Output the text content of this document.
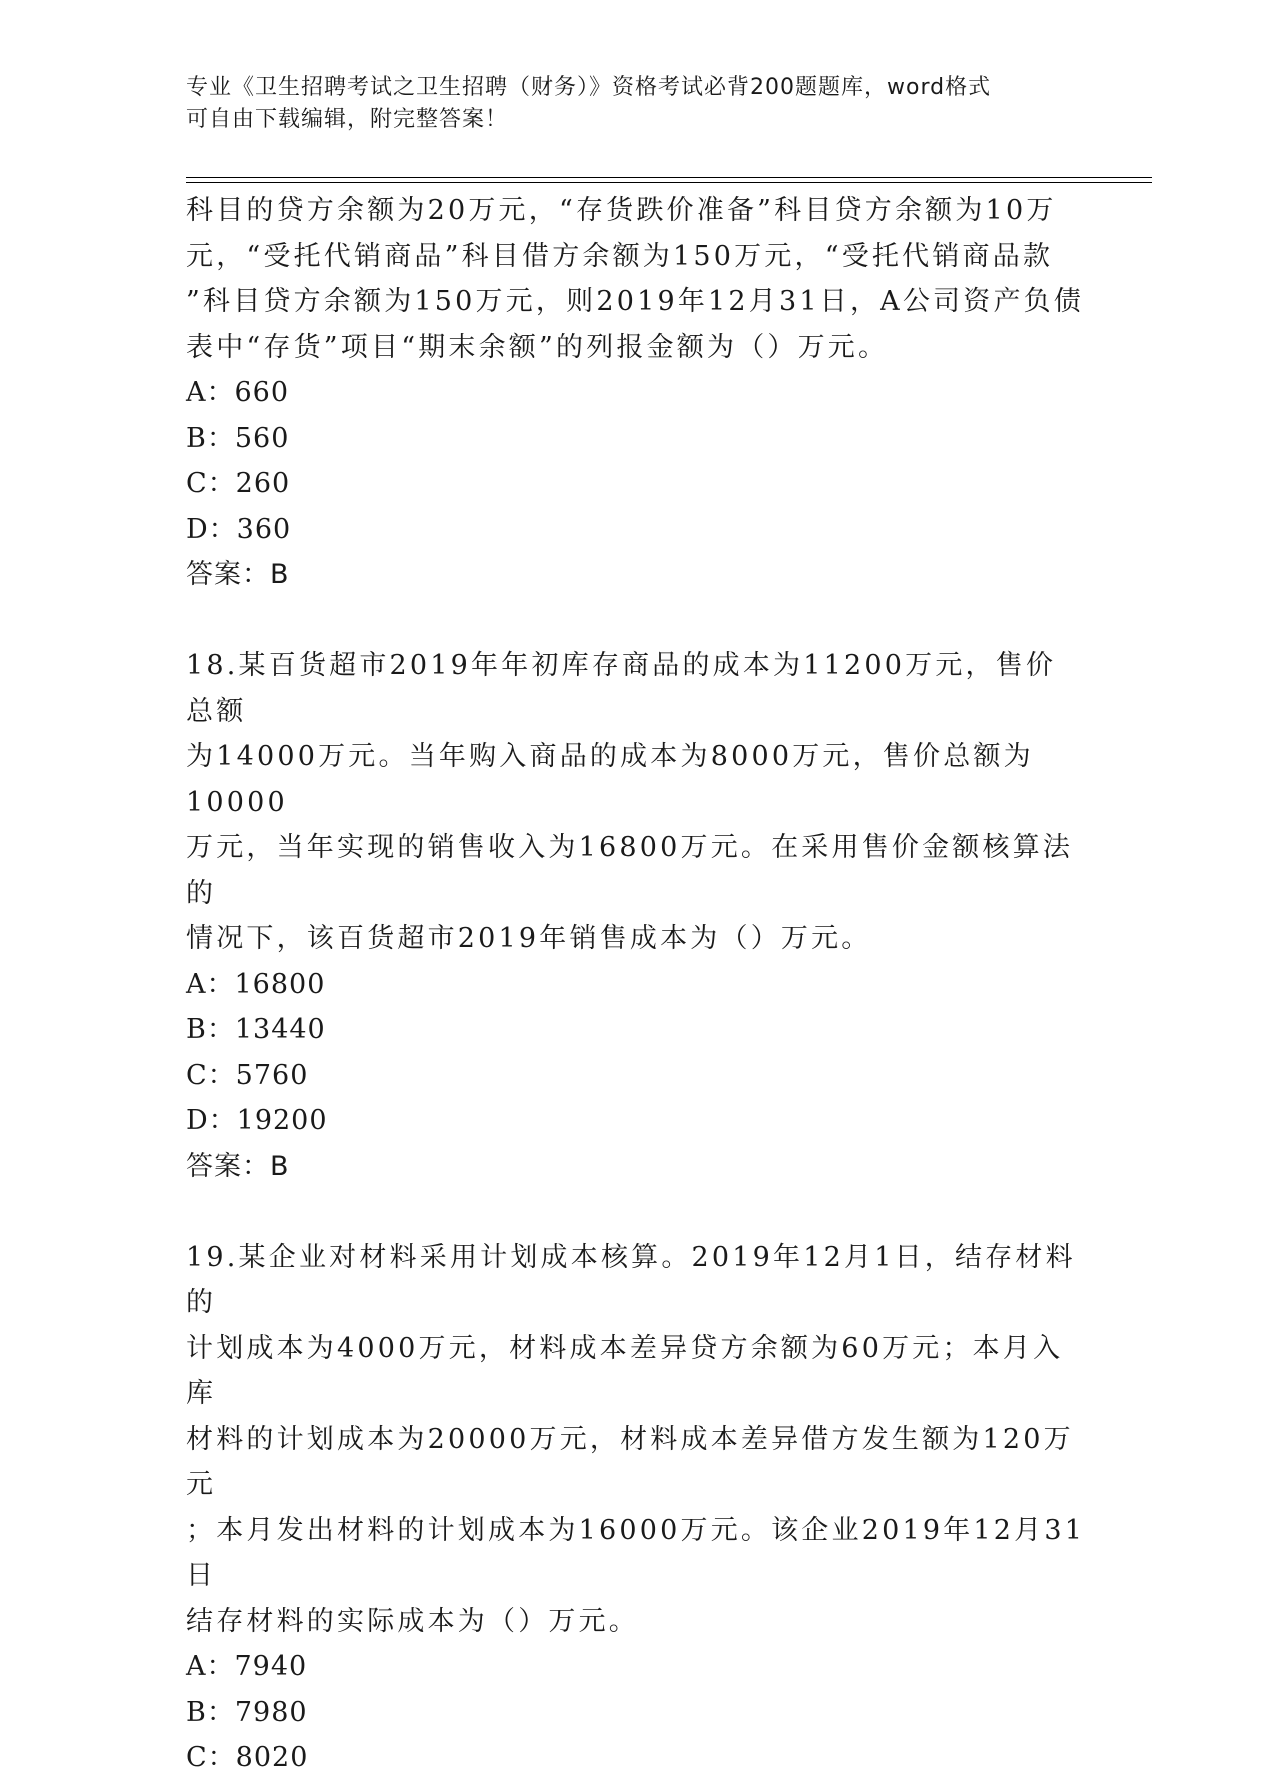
专业《卫生招聘考试之卫生招聘（财务）》资格考试必背200题题库，word格式
可自由下载编辑，附完整答案！

科目的贷方余额为20万元，“存货跌价准备”科目贷方余额为10万

元，“受托代销商品”科目借方余额为150万元，“受托代销商品款

”科目贷方余额为150万元，则2019年12月31日，A公司资产负债

表中“存货”项目“期末余额”的列报金额为（）万元。

A：660

B：560

C：260

D：360

答案：B

18.某百货超市2019年年初库存商品的成本为11200万元，售价总额

为14000万元。当年购入商品的成本为8000万元，售价总额为10000

万元，当年实现的销售收入为16800万元。在采用售价金额核算法的

情况下，该百货超市2019年销售成本为（）万元。

A：16800

B：13440

C：5760

D：19200

答案：B

19.某企业对材料采用计划成本核算。2019年12月1日，结存材料的

计划成本为4000万元，材料成本差异贷方余额为60万元；本月入库

材料的计划成本为20000万元，材料成本差异借方发生额为120万元

；本月发出材料的计划成本为16000万元。该企业2019年12月31日

结存材料的实际成本为（）万元。

A：7940

B：7980

C：8020
